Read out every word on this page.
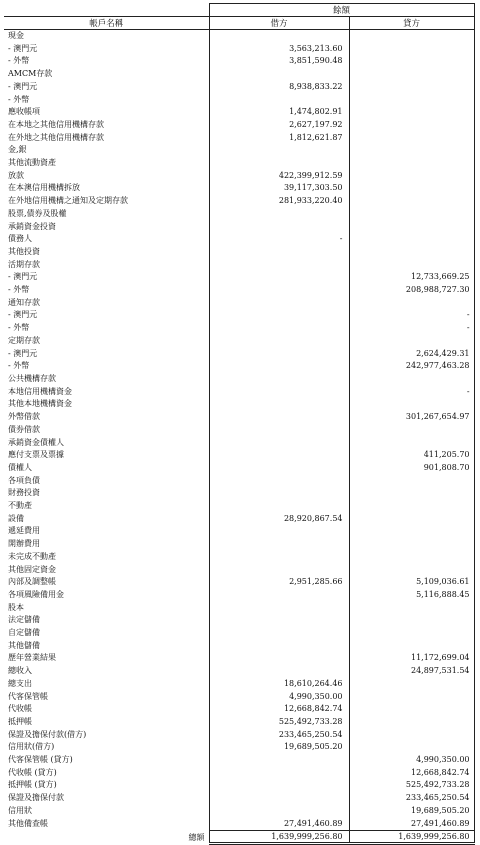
	餘額	
帳戶名稱	借方	貸方
現金		
- 澳門元	3,563,213.60	
- 外幣	3,851,590.48	
AMCM存款		
- 澳門元	8,938,833.22	
- 外幣		
應收帳項	1,474,802.91	
在本地之其他信用機構存款	2,627,197.92	
在外地之其他信用機構存款	1,812,621.87	
金,銀		
其他流動資產		
放款	422,399,912.59	
在本澳信用機構拆放	39,117,303.50	
在外地信用機構之通知及定期存款	281,933,220.40	
股票,債券及股權		
承銷資金投資		
債務人	-	
其他投資		
活期存款		
- 澳門元		12,733,669.25
- 外幣		208,988,727.30
通知存款		
- 澳門元		-
- 外幣		-
定期存款		
- 澳門元		2,624,429.31
- 外幣		242,977,463.28
公共機構存款		
本地信用機構資金		-
其他本地機構資金		
外幣借款		301,267,654.97
債券借款		
承銷資金債權人		
應付支票及票據		411,205.70
債權人		901,808.70
各項負債		
財務投資		
不動產		
設備	28,920,867.54	
遞延費用		
開辦費用		
未完成不動產		
其他固定資金		
內部及調整帳	2,951,285.66	5,109,036.61
各項風險備用金		5,116,888.45
股本		
法定儲備		
自定儲備		
其他儲備		
歷年營業結果		11,172,699.04
總收入		24,897,531.54
總支出	18,610,264.46	
代客保管帳	4,990,350.00	
代收帳	12,668,842.74	
抵押帳	525,492,733.28	
保證及擔保付款(借方)	233,465,250.54	
信用狀(借方)	19,689,505.20	
代客保管帳 (貸方)		4,990,350.00
代收帳 (貸方)		12,668,842.74
抵押帳 (貸方)		525,492,733.28
保證及擔保付款		233,465,250.54
信用狀		19,689,505.20
其他備查帳	27,491,460.89	27,491,460.89
總額	1,639,999,256.80	1,639,999,256.80
